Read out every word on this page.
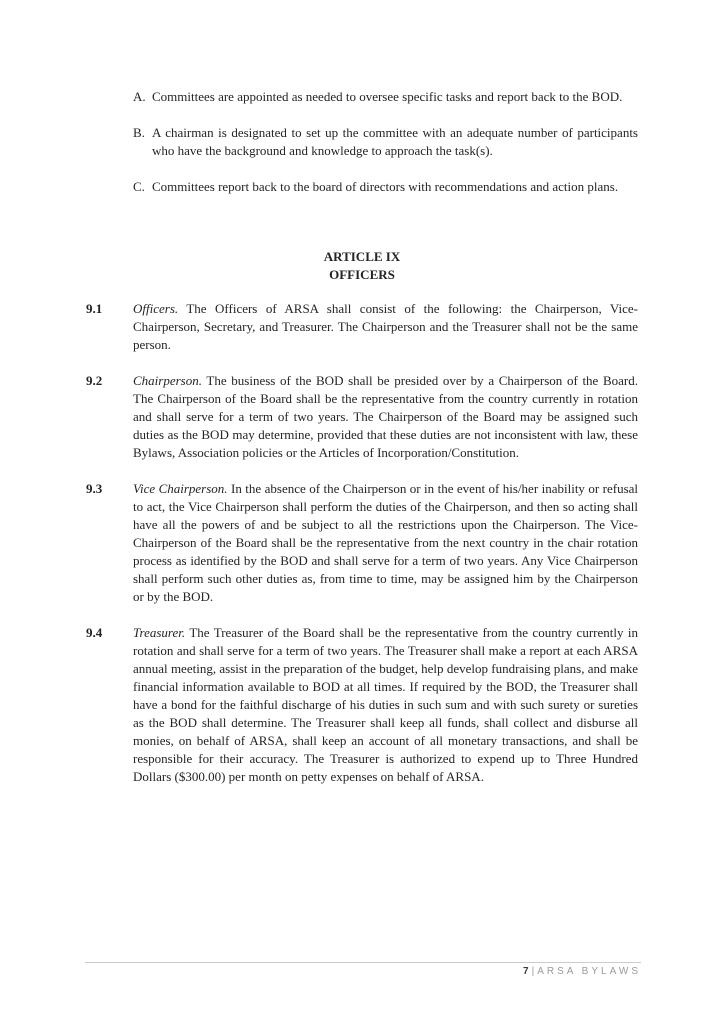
A. Committees are appointed as needed to oversee specific tasks and report back to the BOD.
B. A chairman is designated to set up the committee with an adequate number of participants who have the background and knowledge to approach the task(s).
C. Committees report back to the board of directors with recommendations and action plans.
ARTICLE IX
OFFICERS
9.1	Officers. The Officers of ARSA shall consist of the following: the Chairperson, Vice-Chairperson, Secretary, and Treasurer. The Chairperson and the Treasurer shall not be the same person.
9.2	Chairperson. The business of the BOD shall be presided over by a Chairperson of the Board. The Chairperson of the Board shall be the representative from the country currently in rotation and shall serve for a term of two years. The Chairperson of the Board may be assigned such duties as the BOD may determine, provided that these duties are not inconsistent with law, these Bylaws, Association policies or the Articles of Incorporation/Constitution.
9.3	Vice Chairperson. In the absence of the Chairperson or in the event of his/her inability or refusal to act, the Vice Chairperson shall perform the duties of the Chairperson, and then so acting shall have all the powers of and be subject to all the restrictions upon the Chairperson. The Vice-Chairperson of the Board shall be the representative from the next country in the chair rotation process as identified by the BOD and shall serve for a term of two years. Any Vice Chairperson shall perform such other duties as, from time to time, may be assigned him by the Chairperson or by the BOD.
9.4	Treasurer. The Treasurer of the Board shall be the representative from the country currently in rotation and shall serve for a term of two years. The Treasurer shall make a report at each ARSA annual meeting, assist in the preparation of the budget, help develop fundraising plans, and make financial information available to BOD at all times. If required by the BOD, the Treasurer shall have a bond for the faithful discharge of his duties in such sum and with such surety or sureties as the BOD shall determine. The Treasurer shall keep all funds, shall collect and disburse all monies, on behalf of ARSA, shall keep an account of all monetary transactions, and shall be responsible for their accuracy. The Treasurer is authorized to expend up to Three Hundred Dollars ($300.00) per month on petty expenses on behalf of ARSA.
7|ARSA BYLAWS
